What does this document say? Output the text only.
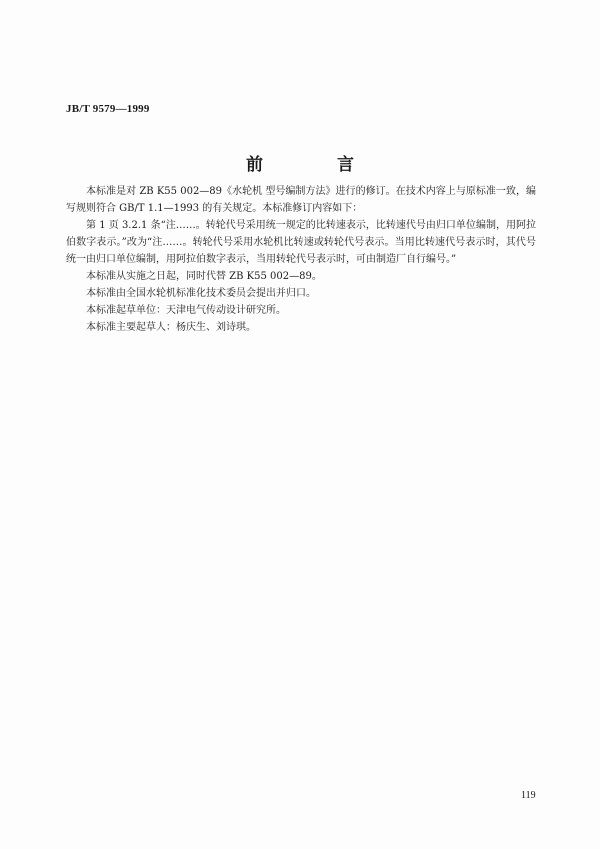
JB/T 9579—1999
前 言

本标准是对 ZB K55 002—89《水轮机 型号编制方法》进行的修订。在技术内容上与原标准一致，编写规则符合 GB/T 1.1—1993 的有关规定。本标准修订内容如下：

第 1 页 3.2.1 条“注……。转轮代号采用统一规定的比转速表示，比转速代号由归口单位编制，用阿拉伯数字表示。”改为“注……。转轮代号采用水轮机比转速或转轮代号表示。当用比转速代号表示时，其代号统一由归口单位编制，用阿拉伯数字表示，当用转轮代号表示时，可由制造厂自行编号。”

本标准从实施之日起，同时代替 ZB K55 002—89。

本标准由全国水轮机标准化技术委员会提出并归口。

本标准起草单位：天津电气传动设计研究所。

本标准主要起草人：杨庆生、刘诗琪。

119
